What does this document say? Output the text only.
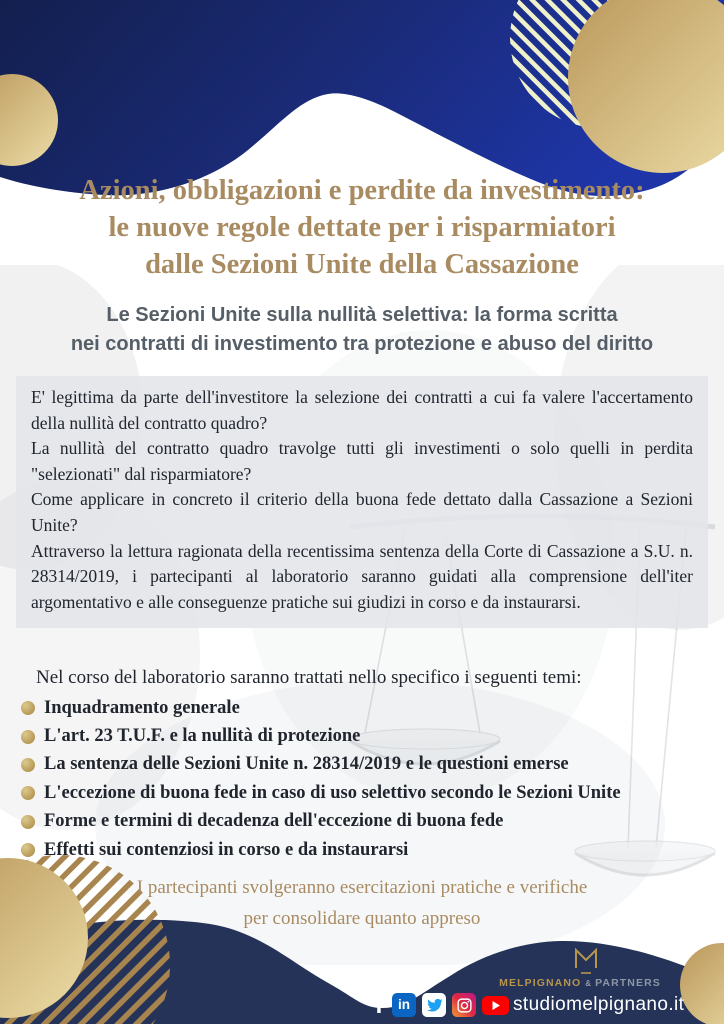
Azioni, obbligazioni e perdite da investimento:
le nuove regole dettate per i risparmiatori
dalle Sezioni Unite della Cassazione
Le Sezioni Unite sulla nullità selettiva: la forma scritta
nei contratti di investimento tra protezione e abuso del diritto

E' legittima da parte dell'investitore la selezione dei contratti a cui fa valere l'accertamento della nullità del contratto quadro?

La nullità del contratto quadro travolge tutti gli investimenti o solo quelli in perdita "selezionati" dal risparmiatore?

Come applicare in concreto il criterio della buona fede dettato dalla Cassazione a Sezioni Unite?

Attraverso la lettura ragionata della recentissima sentenza della Corte di Cassazione a S.U. n. 28314/2019, i partecipanti al laboratorio saranno guidati alla comprensione dell'iter argomentativo e alle conseguenze pratiche sui giudizi in corso e da instaurarsi.

Nel corso del laboratorio saranno trattati nello specifico i seguenti temi:
Inquadramento generale
L'art. 23 T.U.F. e la nullità di protezione
La sentenza delle Sezioni Unite n. 28314/2019 e le questioni emerse
L'eccezione di buona fede in caso di uso selettivo secondo le Sezioni Unite
Forme e termini di decadenza dell'eccezione di buona fede
Effetti sui contenziosi in corso e da instaurarsi
I partecipanti svolgeranno esercitazioni pratiche e verifiche
per consolidare quanto appreso
MELPIGNANO & PARTNERS
f in	studiomelpignano.it
